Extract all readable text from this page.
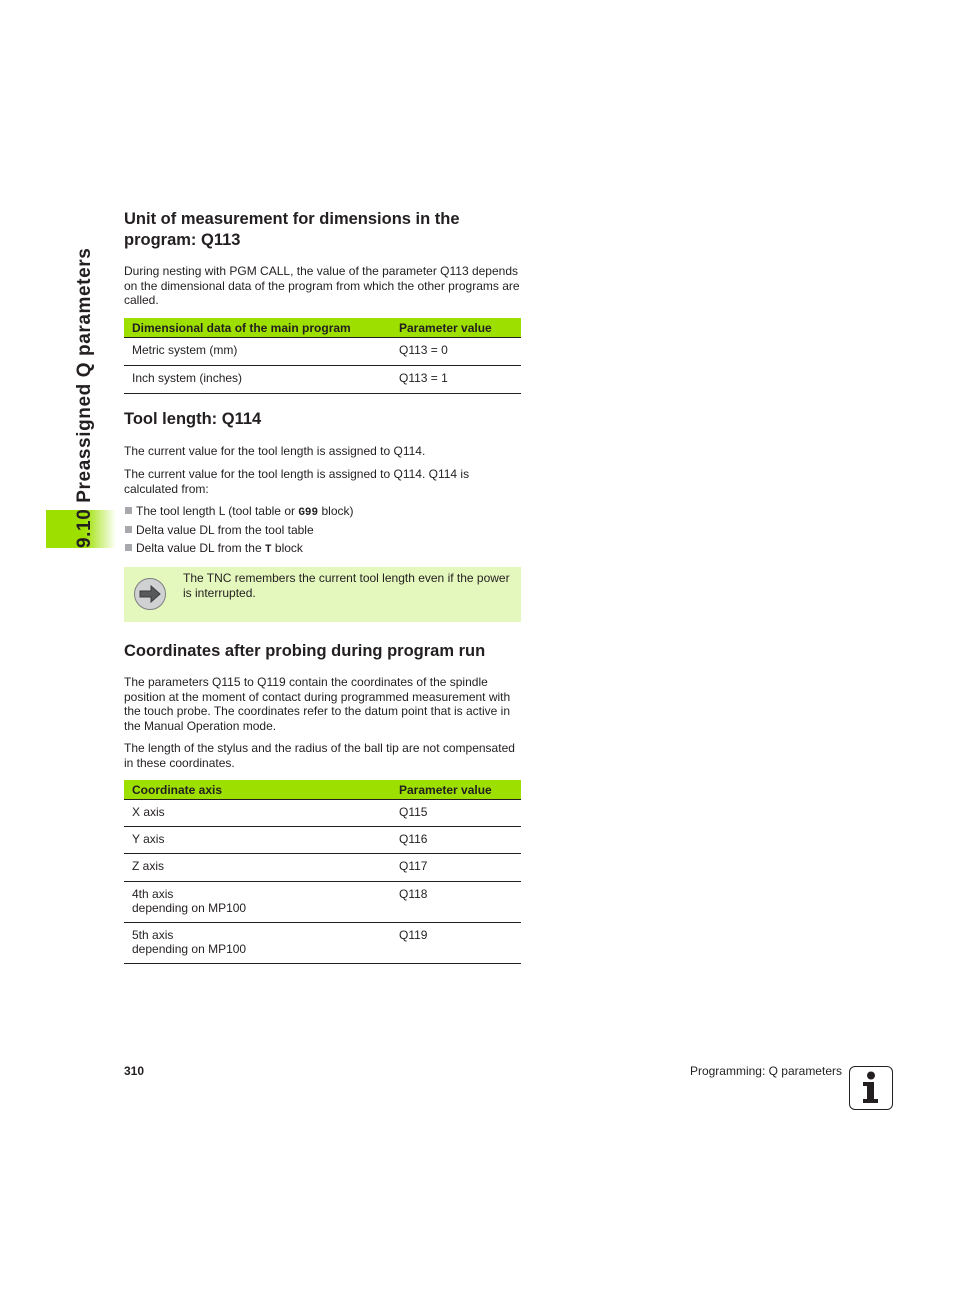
9.10 Preassigned Q parameters
Unit of measurement for dimensions in the program: Q113

During nesting with PGM CALL, the value of the parameter Q113 depends on the dimensional data of the program from which the other programs are called.

Dimensional data of the main program	Parameter value
Metric system (mm)	Q113 = 0
Inch system (inches)	Q113 = 1
Tool length: Q114

The current value for the tool length is assigned to Q114.

The current value for the tool length is assigned to Q114. Q114 is calculated from:

The tool length L (tool table or G99 block)
Delta value DL from the tool table
Delta value DL from the T block
The TNC remembers the current tool length even if the power is interrupted.
Coordinates after probing during program run

The parameters Q115 to Q119 contain the coordinates of the spindle position at the moment of contact during programmed measurement with the touch probe. The coordinates refer to the datum point that is active in the Manual Operation mode.

The length of the stylus and the radius of the ball tip are not compensated in these coordinates.

Coordinate axis	Parameter value
X axis	Q115
Y axis	Q116
Z axis	Q117
4th axis
depending on MP100	Q118
5th axis
depending on MP100	Q119
310	Programming: Q parameters
